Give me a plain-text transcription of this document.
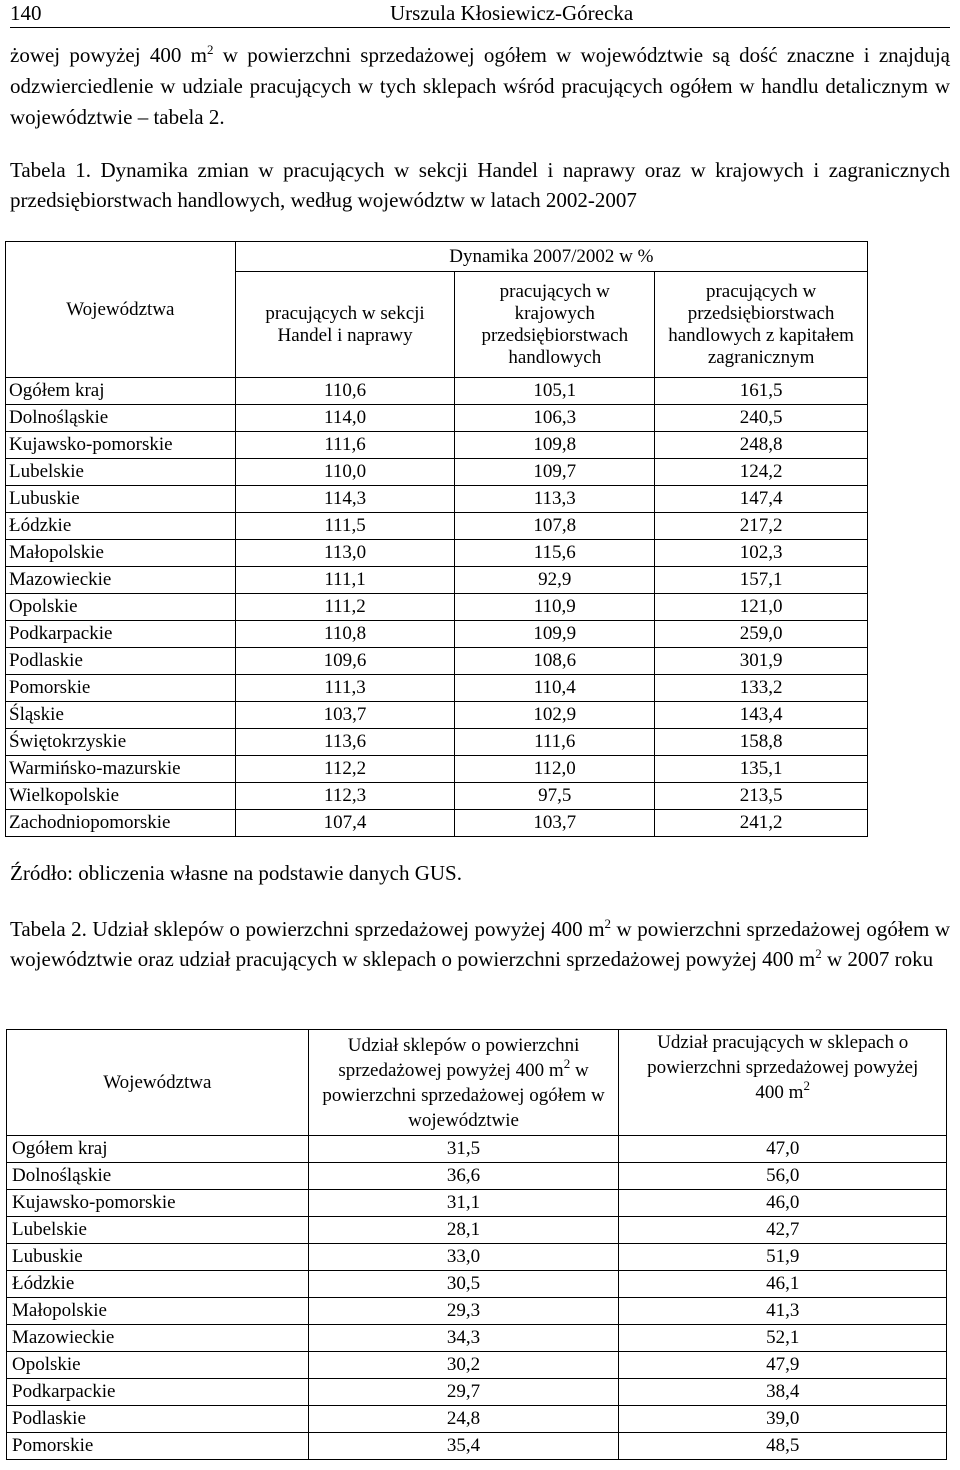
140	Urszula Kłosiewicz-Górecka

żowej powyżej 400 $m^2$ w powierzchni sprzedażowej ogółem w województwie są dość znaczne i znajdują odzwierciedlenie w udziale pracujących w tych sklepach wśród pracujących ogółem w handlu detalicznym w województwie – tabela 2.

Tabela 1. Dynamika zmian w pracujących w sekcji Handel i naprawy oraz w krajowych i zagranicznych przedsiębiorstwach handlowych, według województw w latach 2002-2007

Województwa	Dynamika 2007/2002 w %		
	pracujących w sekcji Handel i naprawy	pracujących w krajowych przedsiębiorstwach handlowych	pracujących w przedsiębiorstwach handlowych z kapitałem zagranicznym
Ogółem kraj	110,6	105,1	161,5
Dolnośląskie	114,0	106,3	240,5
Kujawsko-pomorskie	111,6	109,8	248,8
Lubelskie	110,0	109,7	124,2
Lubuskie	114,3	113,3	147,4
Łódzkie	111,5	107,8	217,2
Małopolskie	113,0	115,6	102,3
Mazowieckie	111,1	92,9	157,1
Opolskie	111,2	110,9	121,0
Podkarpackie	110,8	109,9	259,0
Podlaskie	109,6	108,6	301,9
Pomorskie	111,3	110,4	133,2
Śląskie	103,7	102,9	143,4
Świętokrzyskie	113,6	111,6	158,8
Warmińsko-mazurskie	112,2	112,0	135,1
Wielkopolskie	112,3	97,5	213,5
Zachodniopomorskie	107,4	103,7	241,2

Źródło: obliczenia własne na podstawie danych GUS.

Tabela 2. Udział sklepów o powierzchni sprzedażowej powyżej 400 $m^2$ w powierzchni sprzedażowej ogółem w województwie oraz udział pracujących w sklepach o powierzchni sprzedażowej powyżej 400 $m^2$ w 2007 roku

Województwa	Udział sklepów o powierzchni sprzedażowej powyżej 400 $m^2$ w powierzchni sprzedażowej ogółem w województwie	Udział pracujących w sklepach o powierzchni sprzedażowej powyżej 400 $m^2$
Ogółem kraj	31,5	47,0
Dolnośląskie	36,6	56,0
Kujawsko-pomorskie	31,1	46,0
Lubelskie	28,1	42,7
Lubuskie	33,0	51,9
Łódzkie	30,5	46,1
Małopolskie	29,3	41,3
Mazowieckie	34,3	52,1
Opolskie	30,2	47,9
Podkarpackie	29,7	38,4
Podlaskie	24,8	39,0
Pomorskie	35,4	48,5
